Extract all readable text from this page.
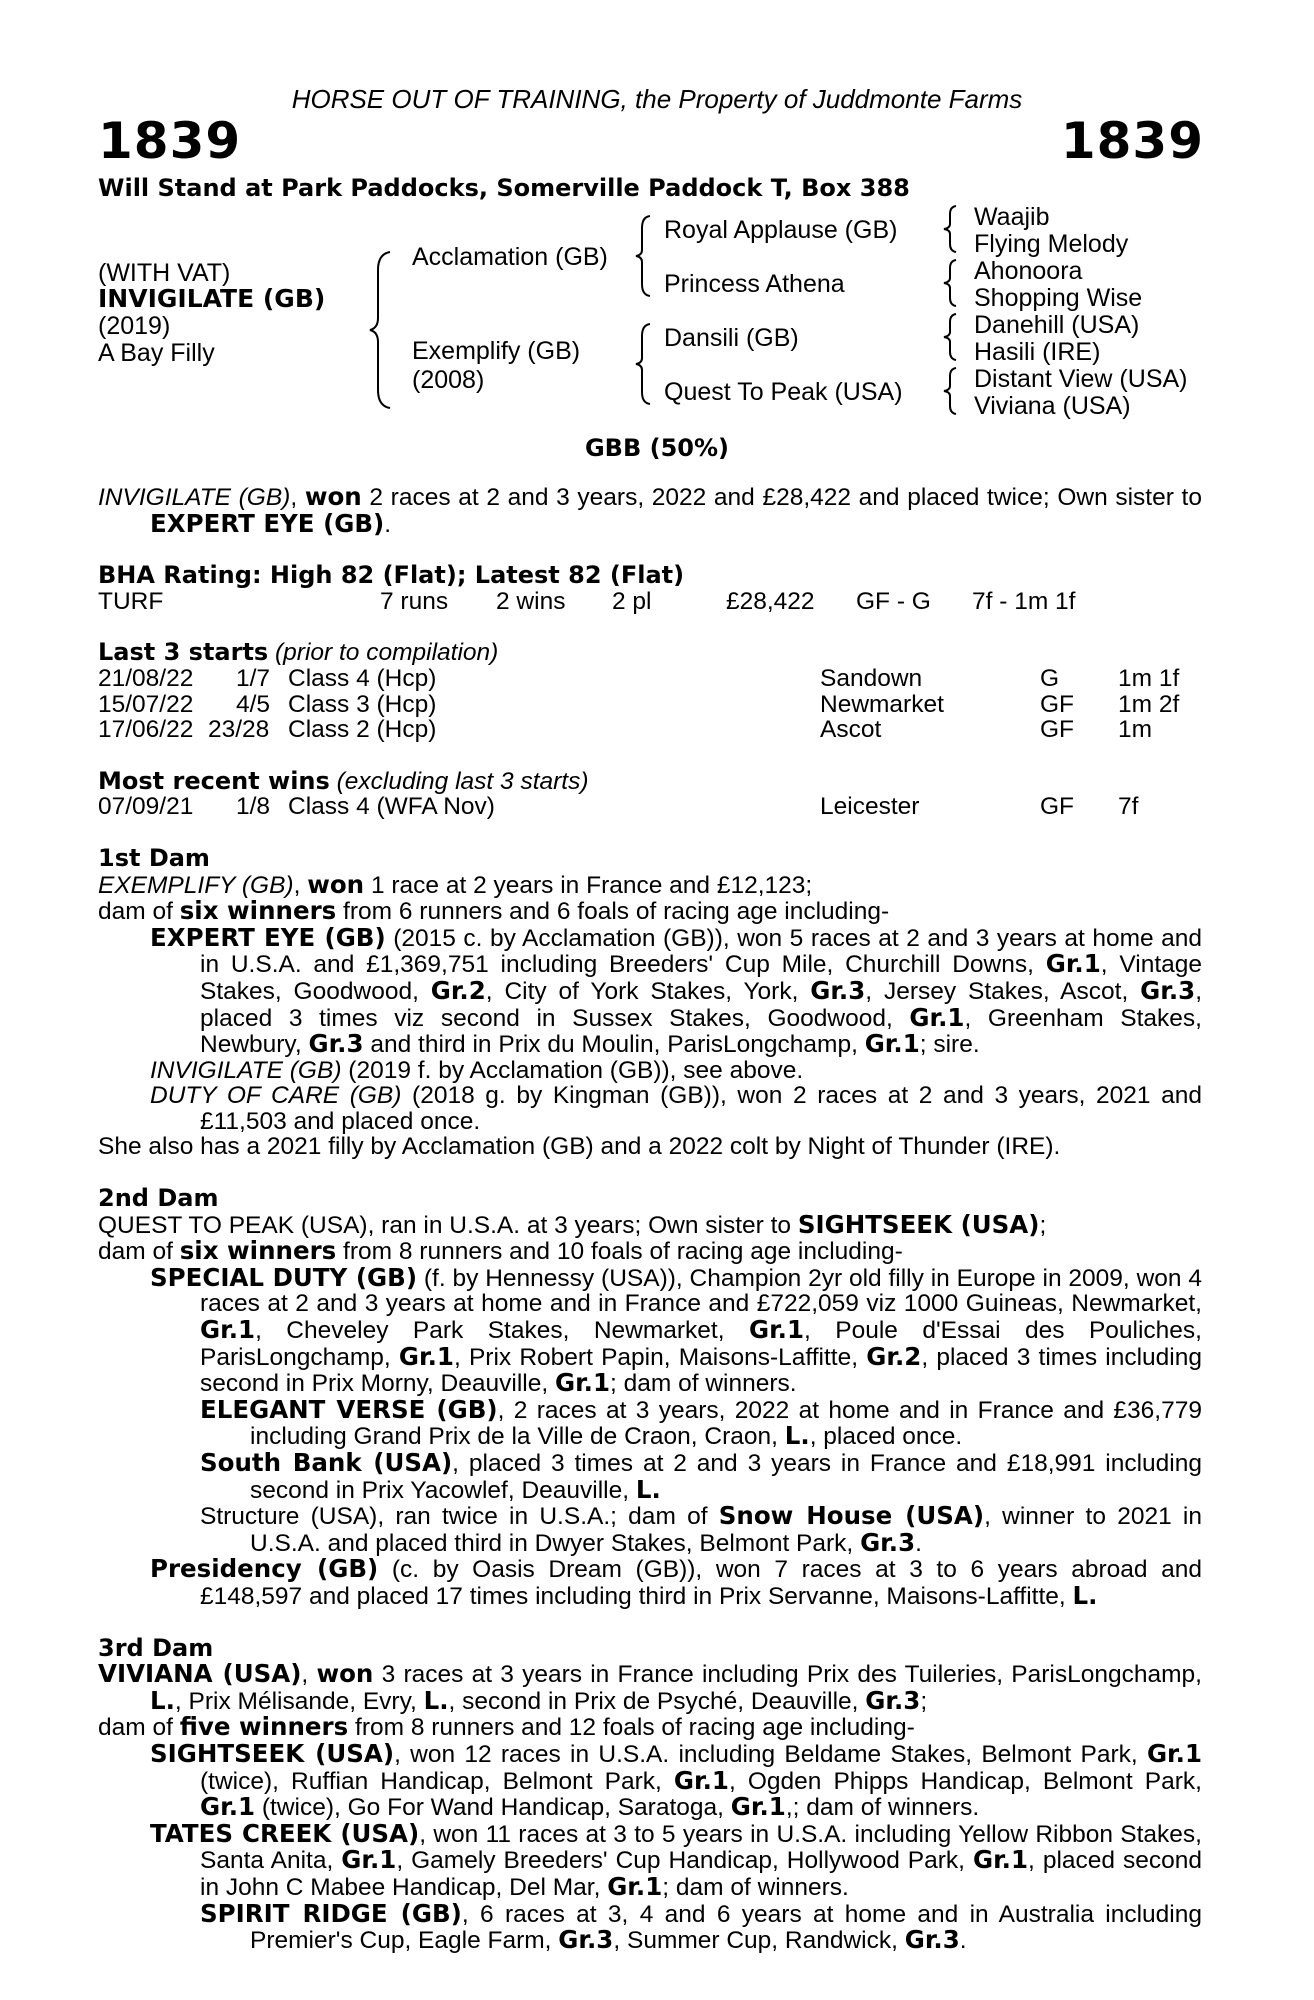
HORSE OUT OF TRAINING, the Property of Juddmonte Farms
1839	1839
Will Stand at Park Paddocks, Somerville Paddock T, Box 388
(WITH VAT)
INVIGILATE (GB)
(2019)
A Bay Filly
Acclamation (GB)
Exemplify (GB)
(2008)
Royal Applause (GB)
Princess Athena
Dansili (GB)
Quest To Peak (USA)
Waajib
Flying Melody
Ahonoora
Shopping Wise
Danehill (USA)
Hasili (IRE)
Distant View (USA)
Viviana (USA)
GBB (50%)

INVIGILATE (GB), won 2 races at 2 and 3 years, 2022 and £28,422 and placed twice; Own sister to EXPERT EYE (GB).

BHA Rating: High 82 (Flat); Latest 82 (Flat)
TURF	7 runs 2 wins 2 pl	£28,422 GF - G 7f - 1m 1f
Last 3 starts (prior to compilation)
21/08/22 1/7 Class 4 (Hcp)	Sandown	G 1m 1f
15/07/22 4/5 Class 3 (Hcp)	Newmarket	GF 1m 2f
17/06/22 23/28 Class 2 (Hcp)	Ascot	GF 1m
Most recent wins (excluding last 3 starts)
07/09/21 1/8 Class 4 (WFA Nov)	Leicester	GF 7f
1st Dam

EXEMPLIFY (GB), won 1 race at 2 years in France and £12,123;

dam of six winners from 6 runners and 6 foals of racing age including-

EXPERT EYE (GB) (2015 c. by Acclamation (GB)), won 5 races at 2 and 3 years at home and in U.S.A. and £1,369,751 including Breeders' Cup Mile, Churchill Downs, Gr.1, Vintage Stakes, Goodwood, Gr.2, City of York Stakes, York, Gr.3, Jersey Stakes, Ascot, Gr.3, placed 3 times viz second in Sussex Stakes, Goodwood, Gr.1, Greenham Stakes, Newbury, Gr.3 and third in Prix du Moulin, ParisLongchamp, Gr.1; sire.

INVIGILATE (GB) (2019 f. by Acclamation (GB)), see above.

DUTY OF CARE (GB) (2018 g. by Kingman (GB)), won 2 races at 2 and 3 years, 2021 and £11,503 and placed once.

She also has a 2021 filly by Acclamation (GB) and a 2022 colt by Night of Thunder (IRE).

2nd Dam

QUEST TO PEAK (USA), ran in U.S.A. at 3 years; Own sister to SIGHTSEEK (USA);

dam of six winners from 8 runners and 10 foals of racing age including-

SPECIAL DUTY (GB) (f. by Hennessy (USA)), Champion 2yr old filly in Europe in 2009, won 4 races at 2 and 3 years at home and in France and £722,059 viz 1000 Guineas, Newmarket, Gr.1, Cheveley Park Stakes, Newmarket, Gr.1, Poule d'Essai des Pouliches, ParisLongchamp, Gr.1, Prix Robert Papin, Maisons-Laffitte, Gr.2, placed 3 times including second in Prix Morny, Deauville, Gr.1; dam of winners.

ELEGANT VERSE (GB), 2 races at 3 years, 2022 at home and in France and £36,779 including Grand Prix de la Ville de Craon, Craon, L., placed once.

South Bank (USA), placed 3 times at 2 and 3 years in France and £18,991 including second in Prix Yacowlef, Deauville, L.

Structure (USA), ran twice in U.S.A.; dam of Snow House (USA), winner to 2021 in U.S.A. and placed third in Dwyer Stakes, Belmont Park, Gr.3.

Presidency (GB) (c. by Oasis Dream (GB)), won 7 races at 3 to 6 years abroad and £148,597 and placed 17 times including third in Prix Servanne, Maisons-Laffitte, L.

3rd Dam

VIVIANA (USA), won 3 races at 3 years in France including Prix des Tuileries, ParisLongchamp, L., Prix Mélisande, Evry, L., second in Prix de Psyché, Deauville, Gr.3;

dam of five winners from 8 runners and 12 foals of racing age including-

SIGHTSEEK (USA), won 12 races in U.S.A. including Beldame Stakes, Belmont Park, Gr.1 (twice), Ruffian Handicap, Belmont Park, Gr.1, Ogden Phipps Handicap, Belmont Park, Gr.1 (twice), Go For Wand Handicap, Saratoga, Gr.1,; dam of winners.

TATES CREEK (USA), won 11 races at 3 to 5 years in U.S.A. including Yellow Ribbon Stakes, Santa Anita, Gr.1, Gamely Breeders' Cup Handicap, Hollywood Park, Gr.1, placed second in John C Mabee Handicap, Del Mar, Gr.1; dam of winners.

SPIRIT RIDGE (GB), 6 races at 3, 4 and 6 years at home and in Australia including Premier's Cup, Eagle Farm, Gr.3, Summer Cup, Randwick, Gr.3.
